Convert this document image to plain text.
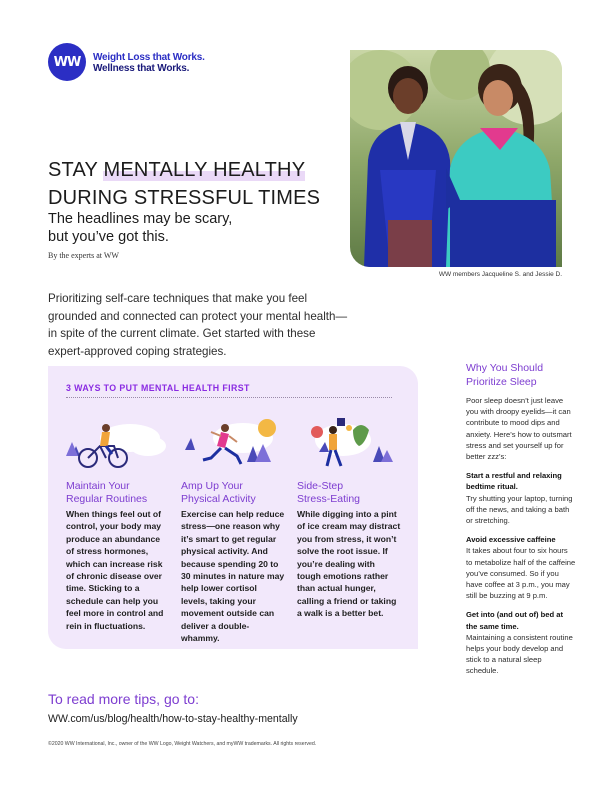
WW Weight Loss that Works.
Wellness that Works.
STAY MENTALLY HEALTHY
DURING STRESSFUL TIMES
The headlines may be scary,
but you’ve got this.
By the experts at WW
WW members Jacqueline S. and Jessie D.
Prioritizing self-care techniques that make you feel grounded and connected can protect your mental health—in spite of the current climate. Get started with these expert-approved coping strategies.
3 WAYS TO PUT MENTAL HEALTH FIRST
Maintain Your
Regular Routines
When things feel out of control, your body may produce an abundance of stress hormones, which can increase risk of chronic disease over time. Sticking to a schedule can help you feel more in control and rein in fluctuations.
Amp Up Your
Physical Activity
Exercise can help reduce stress—one reason why it’s smart to get regular physical activity. And because spending 20 to 30 minutes in nature may help lower cortisol levels, taking your movement outside can deliver a double-whammy.
Side-Step
Stress-Eating
While digging into a pint of ice cream may distract you from stress, it won’t solve the root issue. If you’re dealing with tough emotions rather than actual hunger, calling a friend or taking a walk is a better bet.
Why You Should
Prioritize Sleep
Poor sleep doesn’t just leave you with droopy eyelids—it can contribute to mood dips and anxiety. Here’s how to outsmart stress and set yourself up for better zzz’s:
Start a restful and relaxing bedtime ritual.
Try shutting your laptop, turning off the news, and taking a bath or stretching.
Avoid excessive caffeine
It takes about four to six hours to metabolize half of the caffeine you’ve consumed. So if you have coffee at 3 p.m., you may still be buzzing at 9 p.m.
Get into (and out of) bed at the same time.
Maintaining a consistent routine helps your body develop and stick to a natural sleep schedule.
To read more tips, go to:
WW.com/us/blog/health/how-to-stay-healthy-mentally
©2020 WW International, Inc., owner of the WW Logo, Weight Watchers, and myWW trademarks. All rights reserved.
